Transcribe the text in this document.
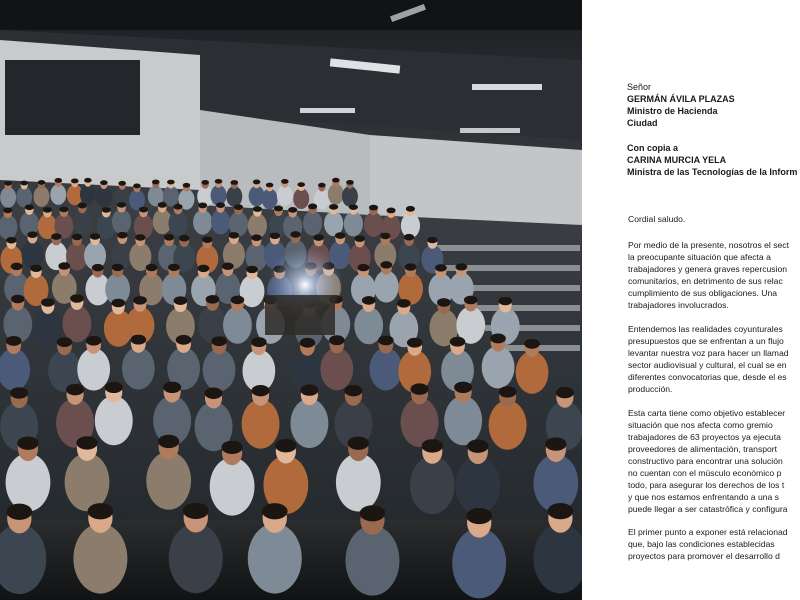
Señor
GERMÁN ÁVILA PLAZAS
Ministro de Hacienda
Ciudad
Con copia a
CARINA MURCIA YELA
Ministra de las Tecnologías de la Inform
Cordial saludo.
Por medio de la presente, nosotros el sect
la preocupante situación que afecta a
trabajadores y genera graves repercusion
comunitarios, en detrimento de sus relac
cumplimiento de sus obligaciones. Una
trabajadores involucrados.
Entendemos las realidades coyunturales
presupuestos que se enfrentan a un flujo
levantar nuestra voz para hacer un llamad
sector audiovisual y cultural, el cual se en
diferentes convocatorias que, desde el es
producción.
Esta carta tiene como objetivo establecer
situación que nos afecta como gremio
trabajadores de 63 proyectos ya ejecuta
proveedores de alimentación, transport
constructivo para encontrar una solución
no cuentan con el músculo económico p
todo, para asegurar los derechos de los t
y que nos estamos enfrentando a una s
puede llegar a ser catastrófica y configura
El primer punto a exponer está relacionad
que, bajo las condiciones establecidas
proyectos para promover el desarrollo d
